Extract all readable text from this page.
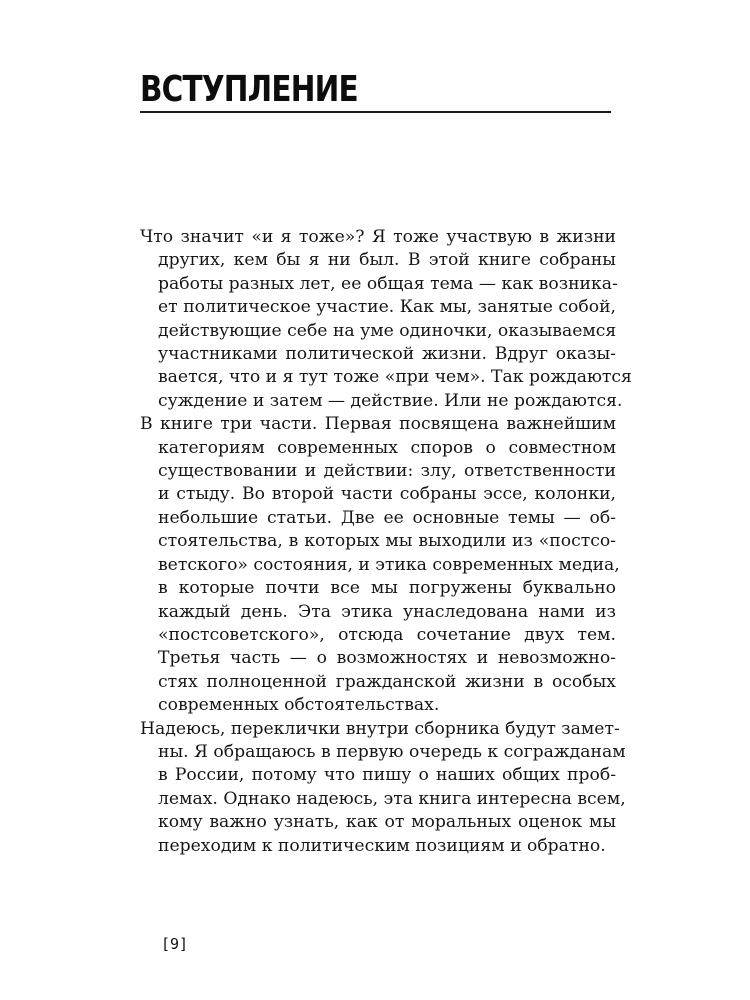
ВСТУПЛЕНИЕ

Что значит «и я тоже»? Я тоже участвую в жизни
других, кем бы я ни был. В этой книге собраны
работы разных лет, ее общая тема — как возника-
ет политическое участие. Как мы, занятые собой,
действующие себе на уме одиночки, оказываемся
участниками политической жизни. Вдруг оказы-
вается, что и я тут тоже «при чем». Так рождаются
суждение и затем — действие. Или не рождаются.

В книге три части. Первая посвящена важнейшим
категориям современных споров о совместном
существовании и действии: злу, ответственности
и стыду. Во второй части собраны эссе, колонки,
небольшие статьи. Две ее основные темы — об-
стоятельства, в которых мы выходили из «постсо-
ветского» состояния, и этика современных медиа,
в которые почти все мы погружены буквально
каждый день. Эта этика унаследована нами из
«постсоветского», отсюда сочетание двух тем.
Третья часть — о возможностях и невозможно-
стях полноценной гражданской жизни в особых
современных обстоятельствах.

Надеюсь, переклички внутри сборника будут замет-
ны. Я обращаюсь в первую очередь к согражданам
в России, потому что пишу о наших общих проб-
лемах. Однако надеюсь, эта книга интересна всем,
кому важно узнать, как от моральных оценок мы
переходим к политическим позициям и обратно.

[9]
